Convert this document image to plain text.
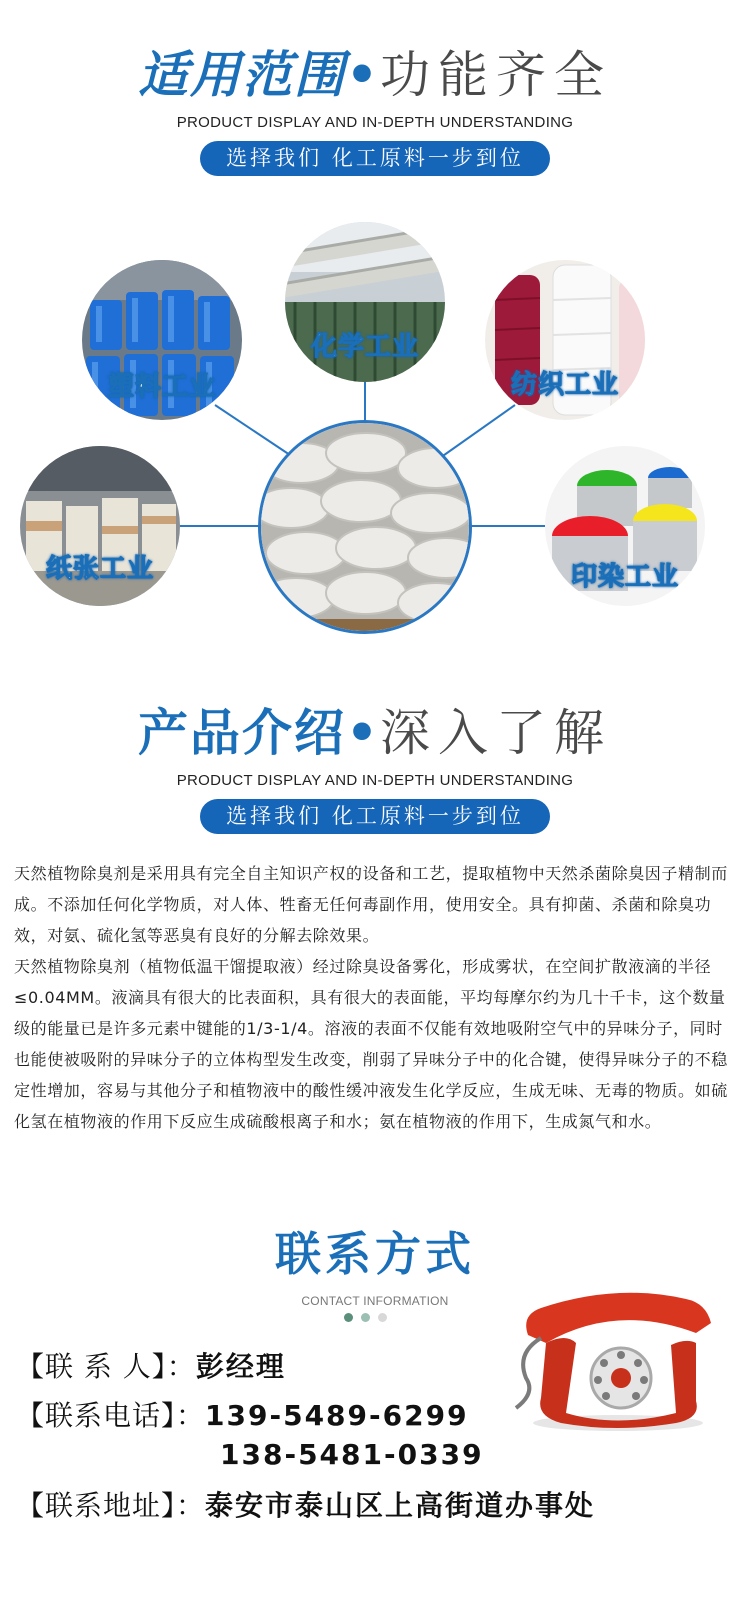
适用范围•功能齐全
PRODUCT DISPLAY AND IN-DEPTH UNDERSTANDING
选择我们 化工原料一步到位
塑料工业
化学工业
纺织工业
纸张工业	印染工业
产品介绍•深入了解
PRODUCT DISPLAY AND IN-DEPTH UNDERSTANDING
选择我们 化工原料一步到位

天然植物除臭剂是采用具有完全自主知识产权的设备和工艺，提取植物中天然杀菌除臭因子精制而成。不添加任何化学物质，对人体、牲畜无任何毒副作用，使用安全。具有抑菌、杀菌和除臭功效，对氨、硫化氢等恶臭有良好的分解去除效果。

天然植物除臭剂（植物低温干馏提取液）经过除臭设备雾化，形成雾状，在空间扩散液滴的半径≤0.04MM。液滴具有很大的比表面积，具有很大的表面能，平均每摩尔约为几十千卡，这个数量级的能量已是许多元素中键能的1/3-1/4。溶液的表面不仅能有效地吸附空气中的异味分子，同时也能使被吸附的异味分子的立体构型发生改变，削弱了异味分子中的化合键，使得异味分子的不稳定性增加，容易与其他分子和植物液中的酸性缓冲液发生化学反应，生成无味、无毒的物质。如硫化氢在植物液的作用下反应生成硫酸根离子和水；氨在植物液的作用下，生成氮气和水。

联系方式
CONTACT INFORMATION
【联 系 人】：彭经理
【联系电话】：139-5489-6299
138-5481-0339
【联系地址】：泰安市泰山区上高街道办事处
